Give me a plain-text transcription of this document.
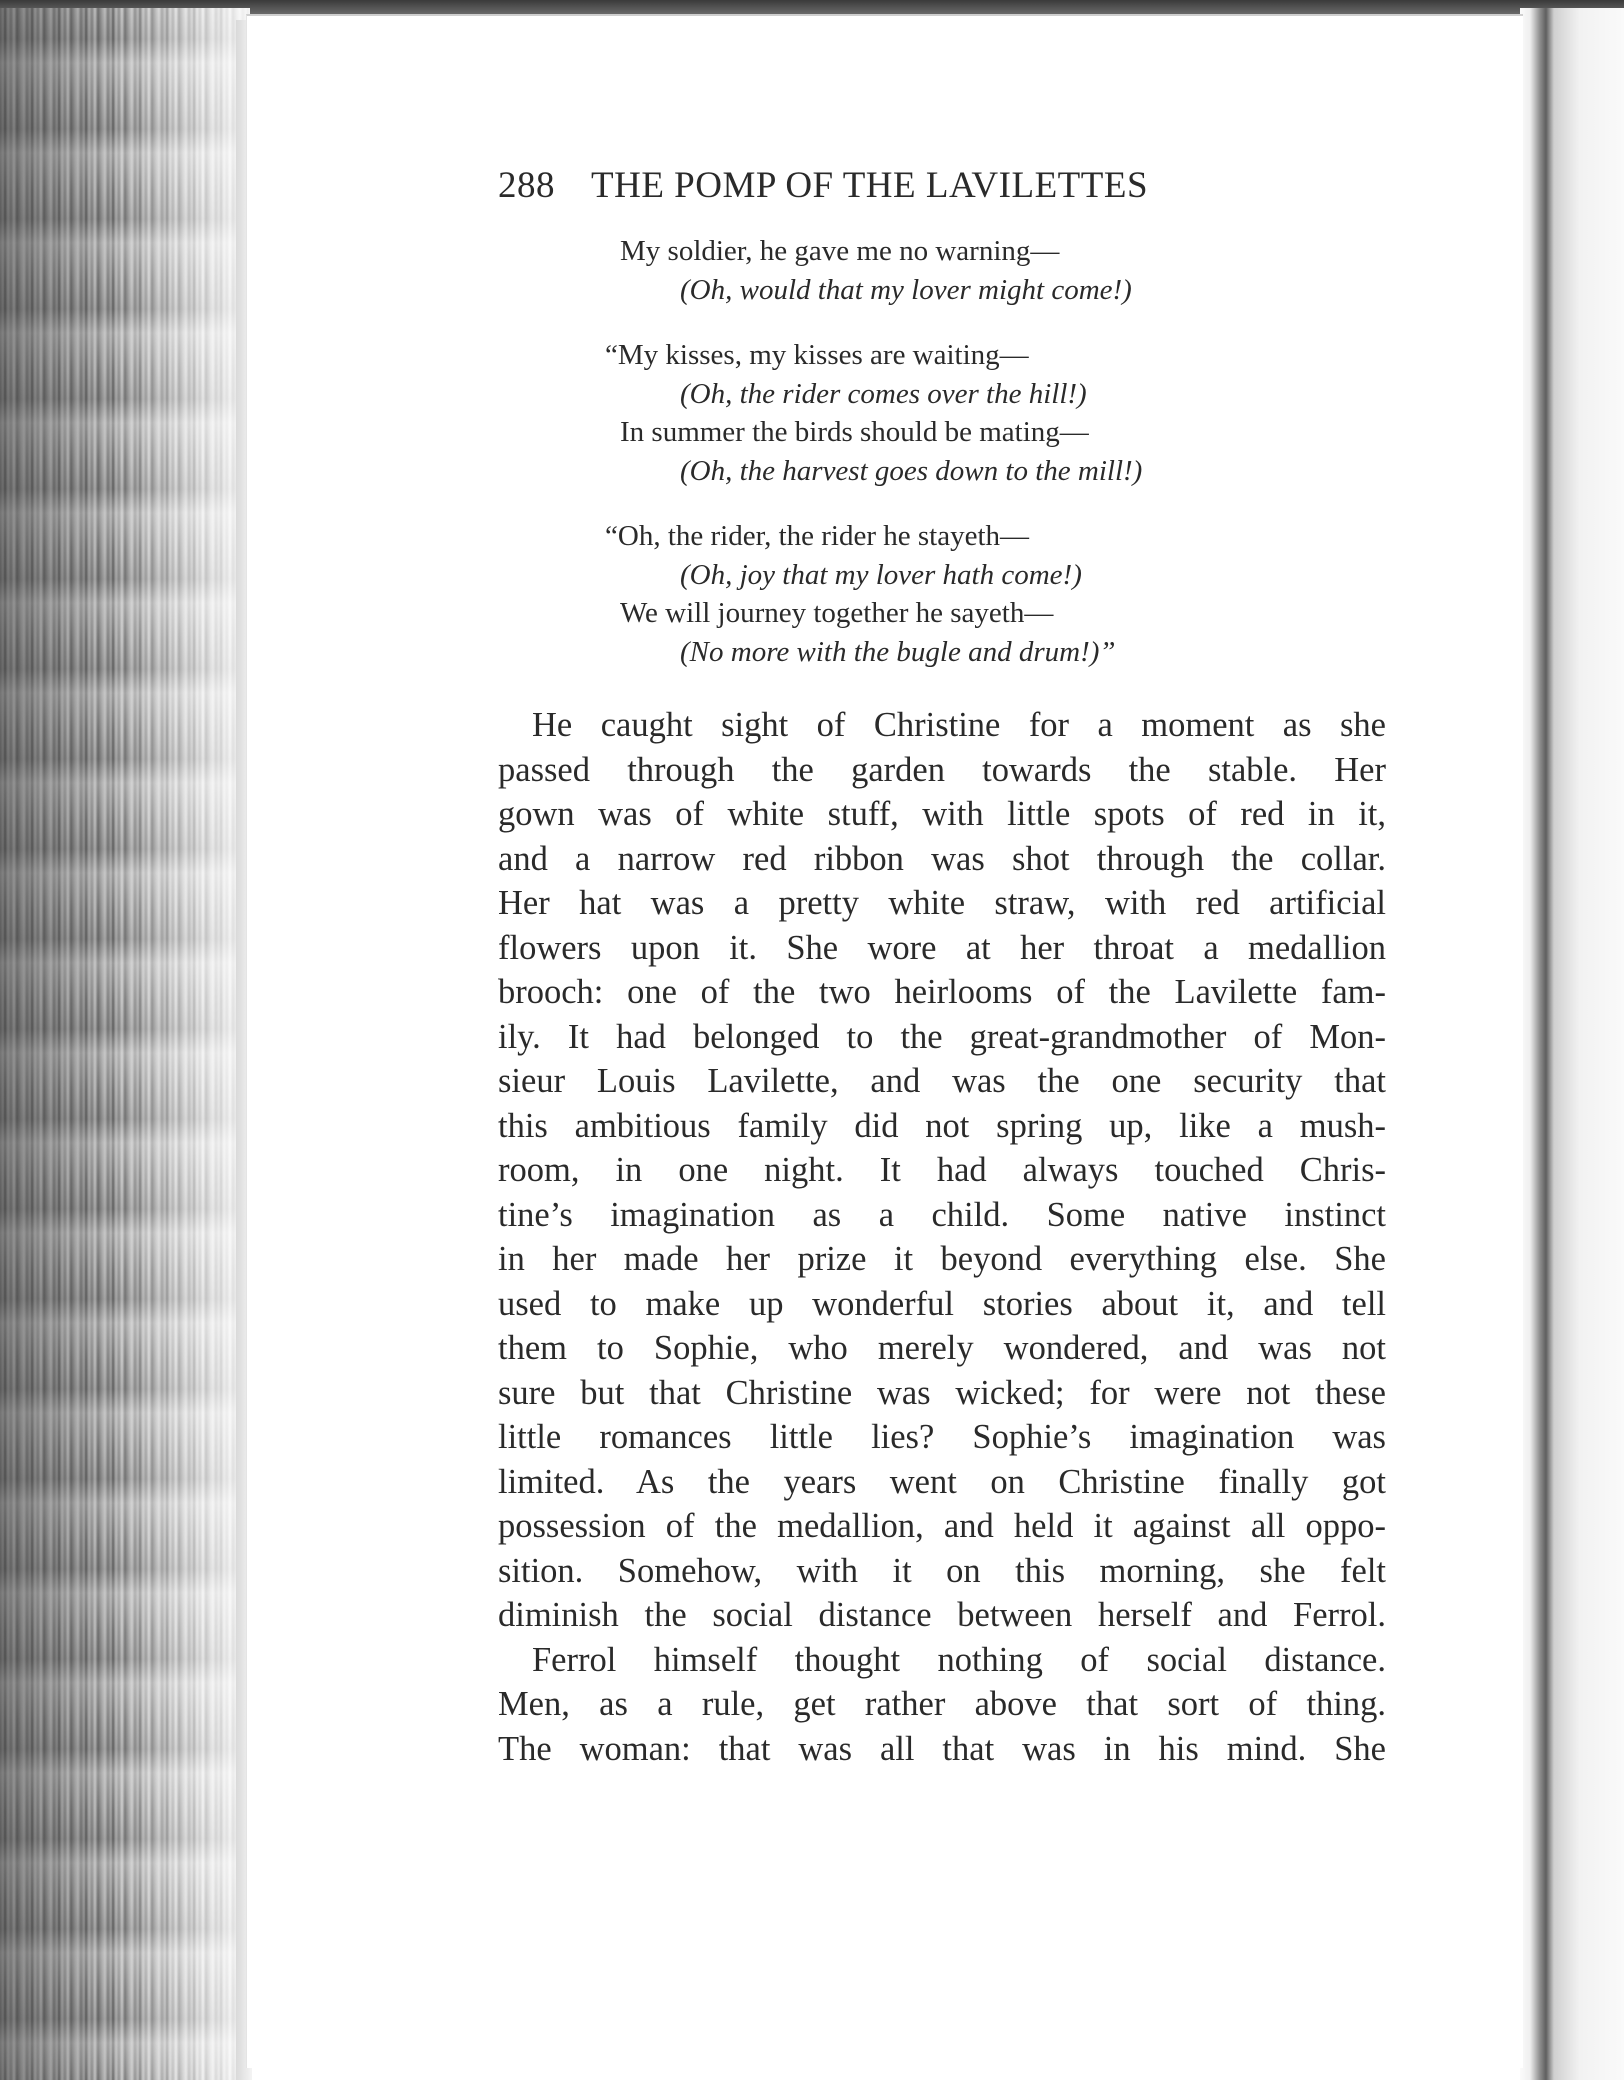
288 THE POMP OF THE LAVILETTES
My soldier, he gave me no warning—
(Oh, would that my lover might come!)
“My kisses, my kisses are waiting—
(Oh, the rider comes over the hill!)
In summer the birds should be mating—
(Oh, the harvest goes down to the mill!)
“Oh, the rider, the rider he stayeth—
(Oh, joy that my lover hath come!)
We will journey together he sayeth—
(No more with the bugle and drum!)”
He caught sight of Christine for a moment as she
passed through the garden towards the stable. Her
gown was of white stuff, with little spots of red in it,
and a narrow red ribbon was shot through the collar.
Her hat was a pretty white straw, with red artificial
flowers upon it. She wore at her throat a medallion
brooch: one of the two heirlooms of the Lavilette fam-
ily. It had belonged to the great-grandmother of Mon-
sieur Louis Lavilette, and was the one security that
this ambitious family did not spring up, like a mush-
room, in one night. It had always touched Chris-
tine’s imagination as a child. Some native instinct
in her made her prize it beyond everything else. She
used to make up wonderful stories about it, and tell
them to Sophie, who merely wondered, and was not
sure but that Christine was wicked; for were not these
little romances little lies? Sophie’s imagination was
limited. As the years went on Christine finally got
possession of the medallion, and held it against all oppo-
sition. Somehow, with it on this morning, she felt
diminish the social distance between herself and Ferrol.
Ferrol himself thought nothing of social distance.
Men, as a rule, get rather above that sort of thing.
The woman: that was all that was in his mind. She
